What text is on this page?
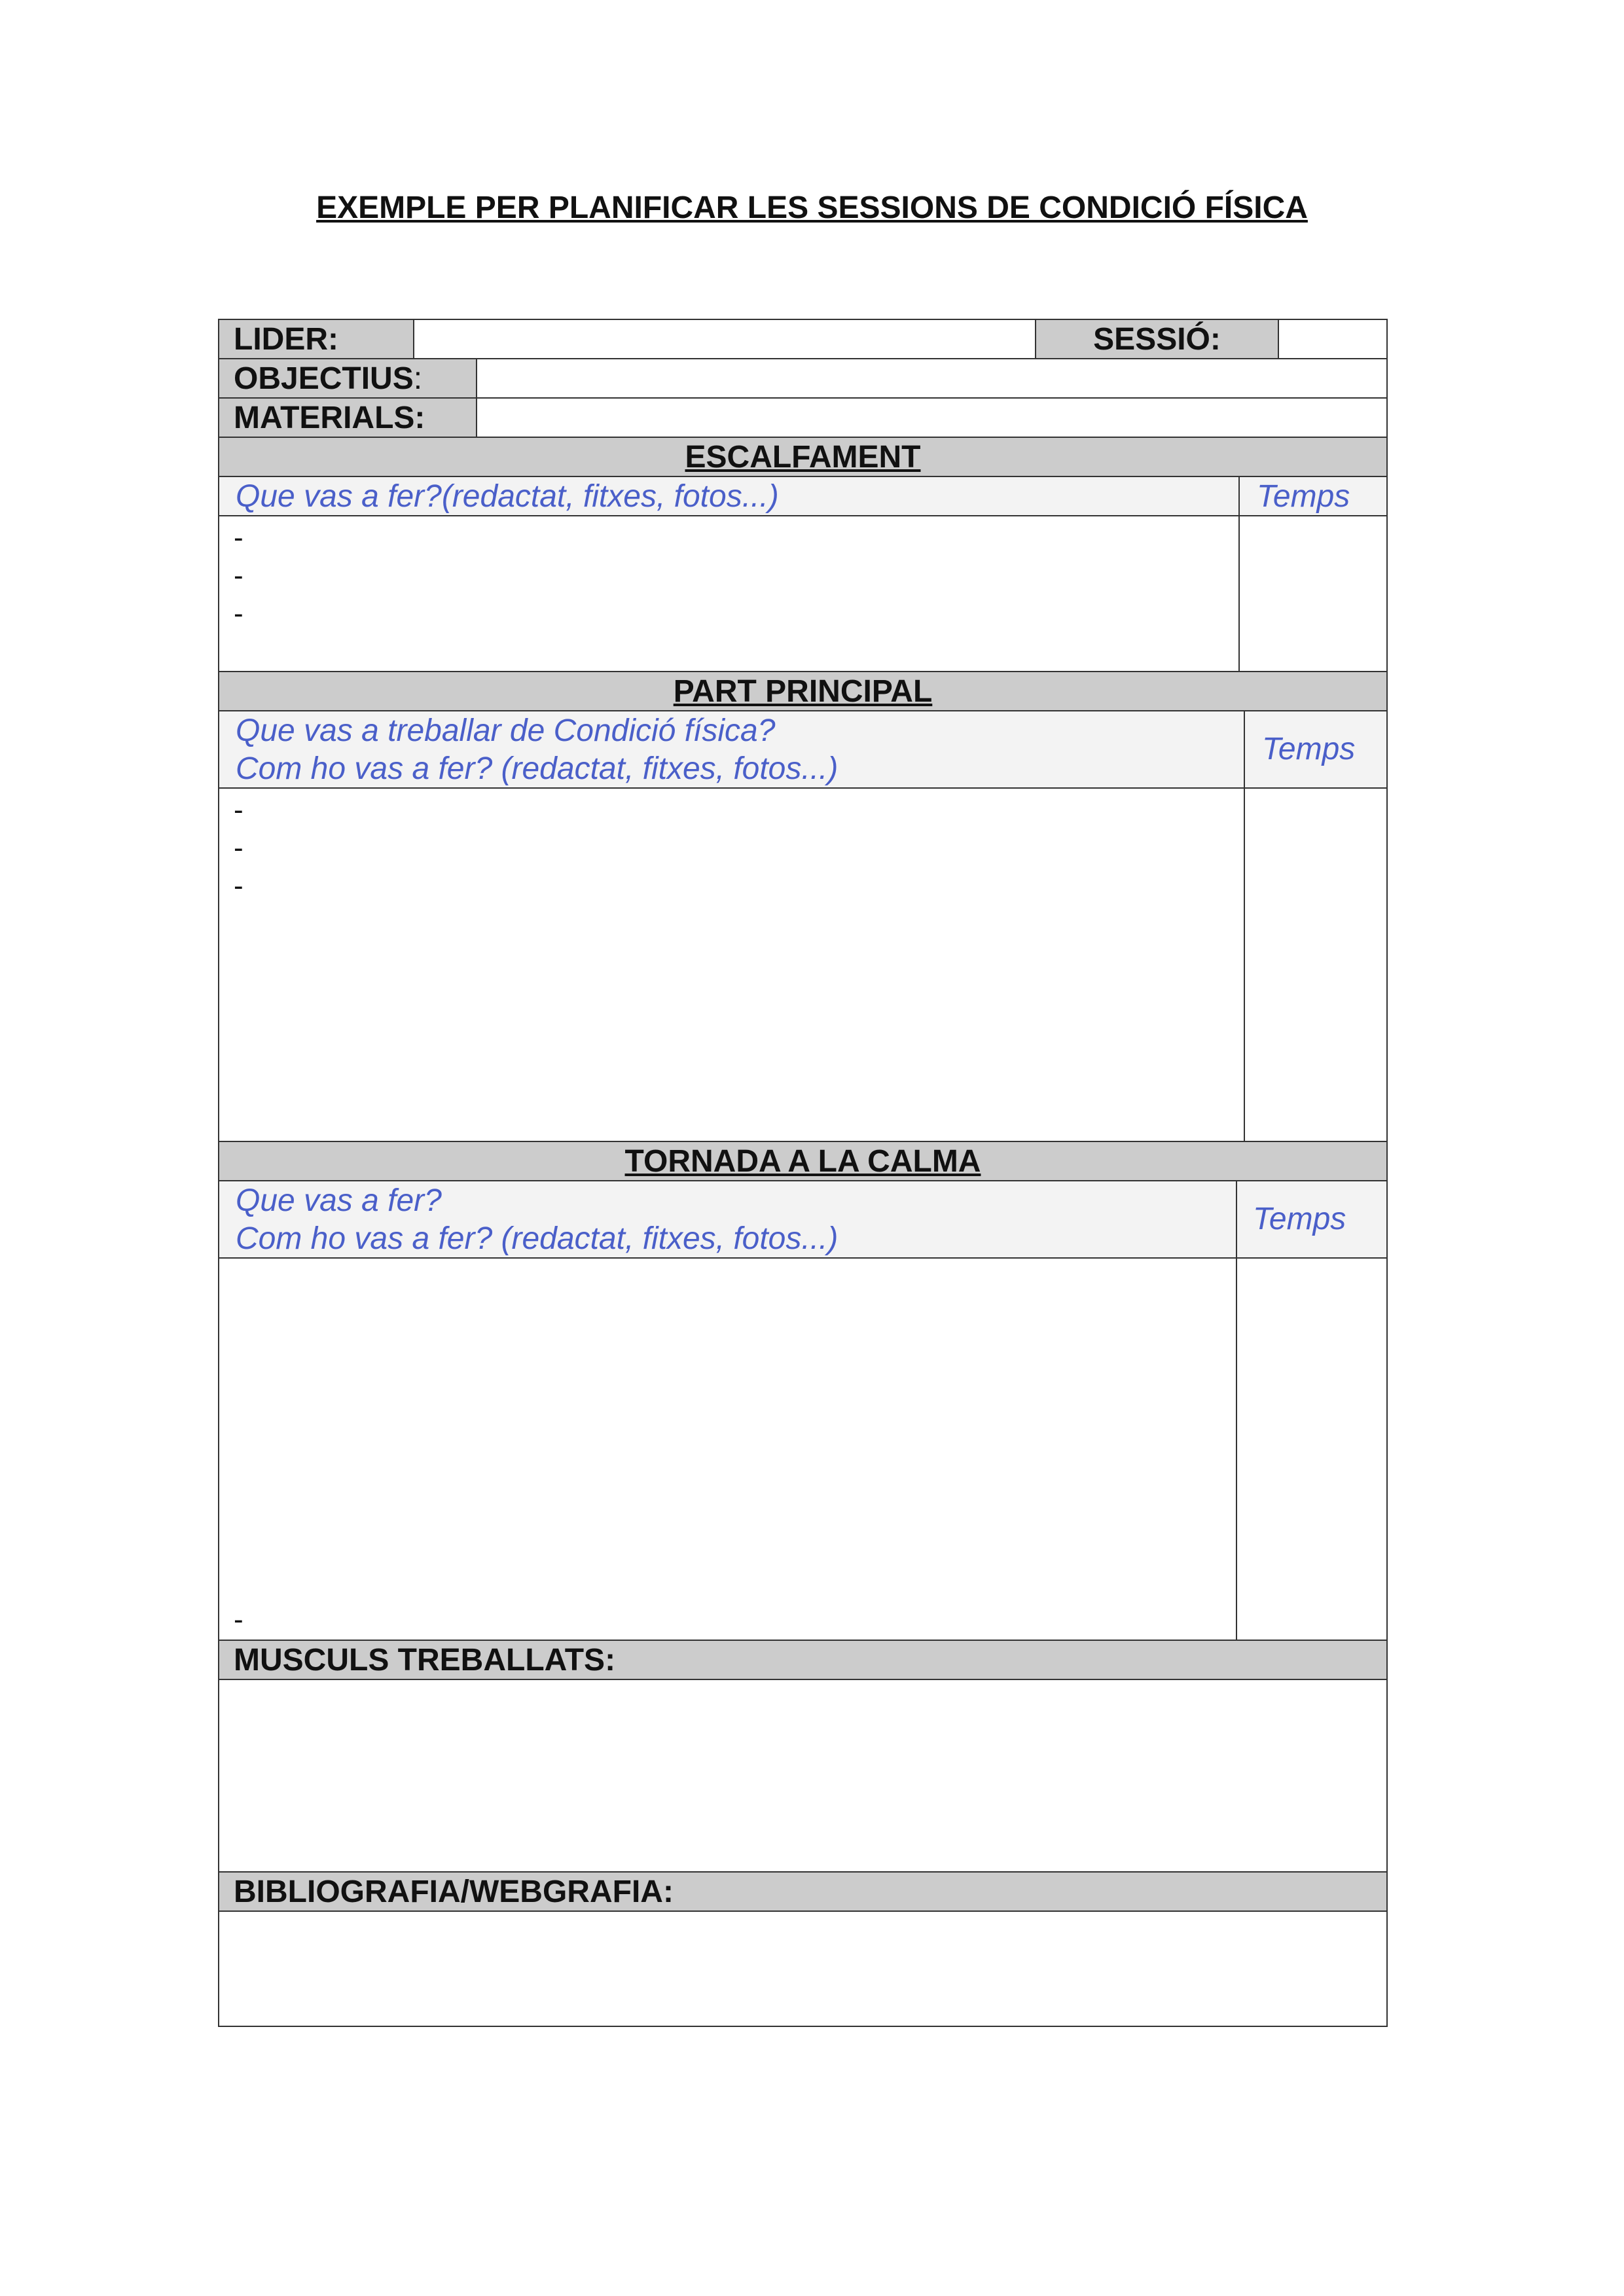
EXEMPLE PER PLANIFICAR LES SESSIONS DE CONDICIÓ FÍSICA
LIDER:	SESSIÓ:
OBJECTIUS:
MATERIALS:
ESCALFAMENT
Que vas a fer?(redactat, fitxes, fotos...)	Temps
-
-
-
PART PRINCIPAL
Que vas a treballar de Condició física?
Com ho vas a fer? (redactat, fitxes, fotos...)
Temps
-
-
-
TORNADA A LA CALMA
Que vas a fer?
Com ho vas a fer? (redactat, fitxes, fotos...)
Temps
-
MUSCULS TREBALLATS:
BIBLIOGRAFIA/WEBGRAFIA:
